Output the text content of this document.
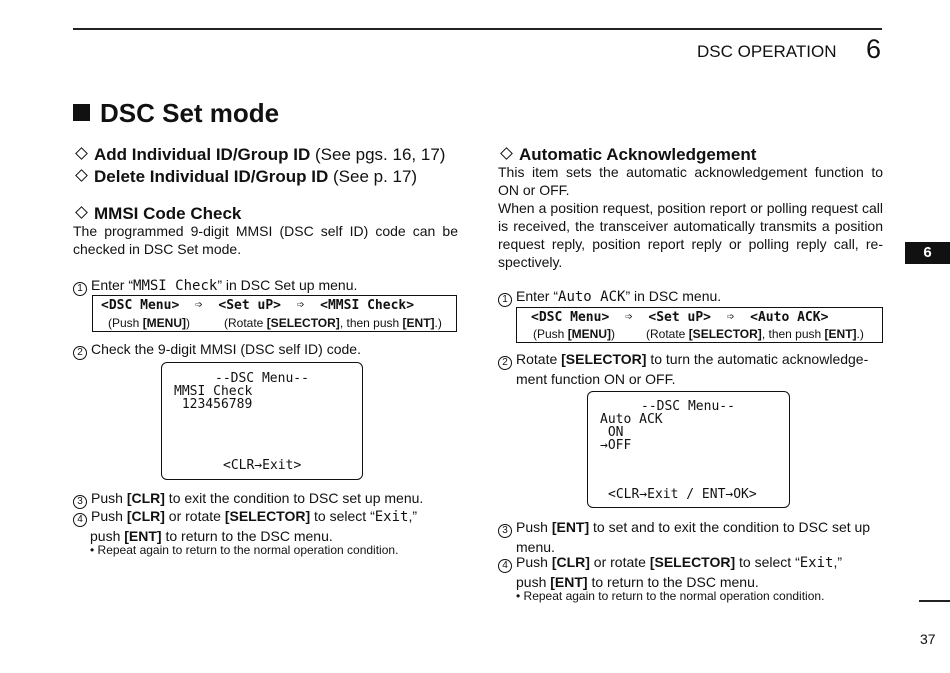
DSC OPERATION 6
DSC Set mode
Add Individual ID/Group ID (See pgs. 16, 17)
Delete Individual ID/Group ID (See p. 17)
MMSI Code Check
The programmed 9-digit MMSI (DSC self ID) code can be
checked in DSC Set mode.
1 Enter “MMSI Check” in DSC Set up menu.
<DSC Menu>  ➩  <Set uP>  ➩  <MMSI Check>
(Push [MENU])	(Rotate [SELECTOR], then push [ENT].)
2 Check the 9-digit MMSI (DSC self ID) code.
--DSC Menu--
MMSI Check
123456789
<CLR→Exit>
3 Push [CLR] to exit the condition to DSC set up menu.
4 Push [CLR] or rotate [SELECTOR] to select “Exit,”
push [ENT] to return to the DSC menu.
• Repeat again to return to the normal operation condition.
Automatic Acknowledgement
This item sets the automatic acknowledgement function to
ON or OFF.
When a position request, position report or polling request call
is received, the transceiver automatically transmits a position
request reply, position report reply or polling reply call, re-
spectively.
1 Enter “Auto ACK” in DSC menu.
<DSC Menu>  ➩  <Set uP>  ➩  <Auto ACK>
(Push [MENU])	(Rotate [SELECTOR], then push [ENT].)
2 Rotate [SELECTOR] to turn the automatic acknowledge-
ment function ON or OFF.
--DSC Menu--
Auto ACK
ON
→OFF
<CLR→Exit / ENT→OK>
3 Push [ENT] to set and to exit the condition to DSC set up
menu.
4 Push [CLR] or rotate [SELECTOR] to select “Exit,”
push [ENT] to return to the DSC menu.
• Repeat again to return to the normal operation condition.
6
37
